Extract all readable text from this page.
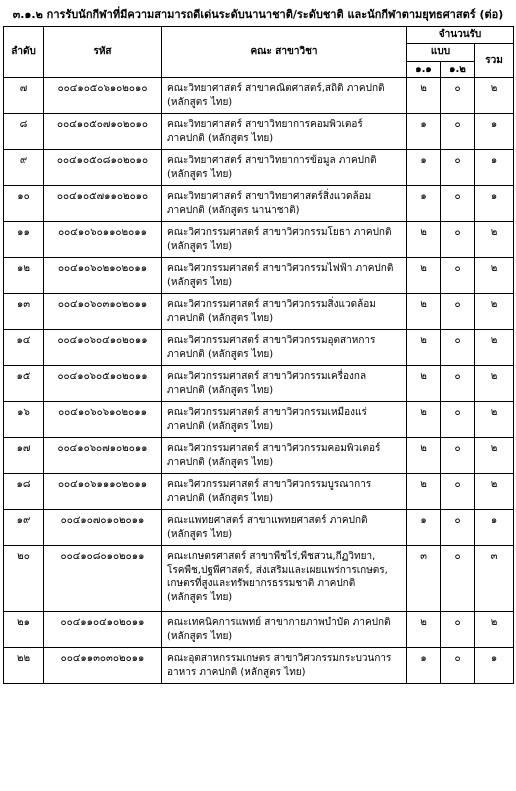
๓.๑.๒ การรับนักกีฬาที่มีความสามารถดีเด่นระดับนานาชาติ/ระดับชาติ และนักกีฬาตามยุทธศาสตร์ (ต่อ)
ลำดับ	รหัส	คณะ สาขาวิชา	จำนวนรับ		
			แบบ		รวม
			๑.๑	๑.๒	
๗	๐๐๔๑๐๕๐๖๑๐๒๐๑๐	คณะวิทยาศาสตร์ สาขาคณิตศาสตร์,สถิติ ภาคปกติ
(หลักสูตร ไทย)	๒	๐	๒
๘	๐๐๔๑๐๕๐๗๑๐๒๐๑๐	คณะวิทยาศาสตร์ สาขาวิทยาการคอมพิวเตอร์
ภาคปกติ (หลักสูตร ไทย)	๑	๐	๑
๙	๐๐๔๑๐๕๐๘๑๐๒๐๑๐	คณะวิทยาศาสตร์ สาขาวิทยาการข้อมูล ภาคปกติ
(หลักสูตร ไทย)	๑	๐	๑
๑๐	๐๐๔๑๐๕๗๑๑๐๒๐๑๐	คณะวิทยาศาสตร์ สาขาวิทยาศาสตร์สิ่งแวดล้อม
ภาคปกติ (หลักสูตร นานาชาติ)	๑	๐	๑
๑๑	๐๐๔๑๐๖๐๑๑๐๒๐๑๑	คณะวิศวกรรมศาสตร์ สาขาวิศวกรรมโยธา ภาคปกติ
(หลักสูตร ไทย)	๒	๐	๒
๑๒	๐๐๔๑๐๖๐๒๑๐๒๐๑๑	คณะวิศวกรรมศาสตร์ สาขาวิศวกรรมไฟฟ้า ภาคปกติ
(หลักสูตร ไทย)	๒	๐	๒
๑๓	๐๐๔๑๐๖๐๓๑๐๒๐๑๑	คณะวิศวกรรมศาสตร์ สาขาวิศวกรรมสิ่งแวดล้อม
ภาคปกติ (หลักสูตร ไทย)	๒	๐	๒
๑๔	๐๐๔๑๐๖๐๔๑๐๒๐๑๑	คณะวิศวกรรมศาสตร์ สาขาวิศวกรรมอุตสาหการ
ภาคปกติ (หลักสูตร ไทย)	๒	๐	๒
๑๕	๐๐๔๑๐๖๐๕๑๐๒๐๑๑	คณะวิศวกรรมศาสตร์ สาขาวิศวกรรมเครื่องกล
ภาคปกติ (หลักสูตร ไทย)	๒	๐	๒
๑๖	๐๐๔๑๐๖๐๖๑๐๒๐๑๑	คณะวิศวกรรมศาสตร์ สาขาวิศวกรรมเหมืองแร่
ภาคปกติ (หลักสูตร ไทย)	๒	๐	๒
๑๗	๐๐๔๑๐๖๐๗๑๐๒๐๑๑	คณะวิศวกรรมศาสตร์ สาขาวิศวกรรมคอมพิวเตอร์
ภาคปกติ (หลักสูตร ไทย)	๒	๐	๒
๑๘	๐๐๔๑๐๖๑๑๑๐๒๐๑๑	คณะวิศวกรรมศาสตร์ สาขาวิศวกรรมบูรณาการ
ภาคปกติ (หลักสูตร ไทย)	๒	๐	๒
๑๙	๐๐๔๑๐๗๐๑๐๒๐๑๑	คณะแพทยศาสตร์ สาขาแพทยศาสตร์ ภาคปกติ
(หลักสูตร ไทย)	๑	๐	๑
๒๐	๐๐๔๑๐๘๐๑๐๒๐๑๑	คณะเกษตรศาสตร์ สาขาพืชไร่,พืชสวน,กีฏวิทยา,
โรคพืช,ปฐพีศาสตร์, ส่งเสริมและเผยแพร่การเกษตร,
เกษตรที่สูงและทรัพยากรธรรมชาติ ภาคปกติ
(หลักสูตร ไทย)	๓	๐	๓
๒๑	๐๐๔๑๑๐๔๑๐๒๐๑๑	คณะเทคนิคการแพทย์ สาขากายภาพบำบัด ภาคปกติ
(หลักสูตร ไทย)	๒	๐	๒
๒๒	๐๐๔๑๑๓๐๓๐๒๐๑๑	คณะอุตสาหกรรมเกษตร สาขาวิศวกรรมกระบวนการ
อาหาร ภาคปกติ (หลักสูตร ไทย)	๑	๐	๑
